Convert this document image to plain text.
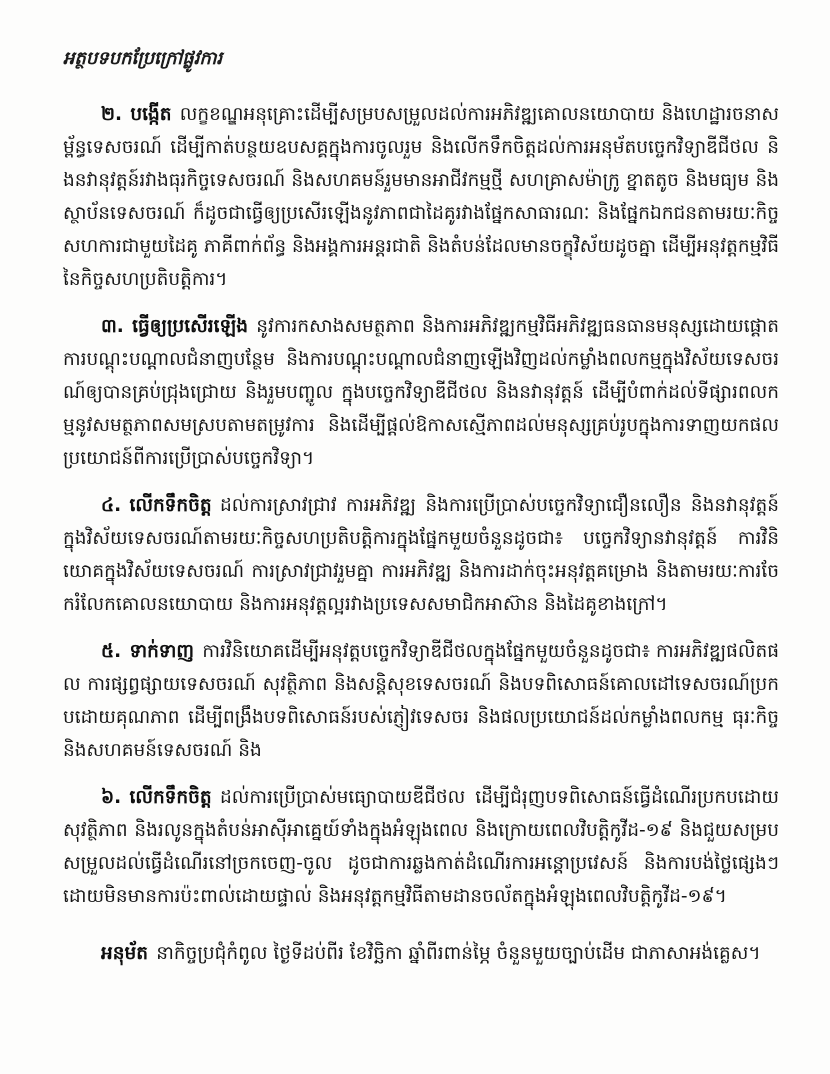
អត្ថបទបកប្រែក្រៅផ្លូវការ

២. បង្កើត លក្ខខណ្ឌអនុគ្រោះដើម្បីសម្របសម្រួលដល់ការអភិវឌ្ឍគោលនយោបាយ និងហេដ្ឋារចនាសម្ព័ន្ធទេសចរណ៍ ដើម្បីកាត់បន្ថយឧបសគ្គក្នុងការចូលរួម និងលើកទឹកចិត្តដល់ការអនុម័តបច្ចេកវិទ្យាឌីជីថល និងនវានុវត្តន៍រវាងធុរកិច្ចទេសចរណ៍ និងសហគមន៍រួមមានអាជីវកម្មថ្មី សហគ្រាសម៉ាក្រូ ខ្នាតតូច និងមធ្យម និងស្ថាប័នទេសចរណ៍ ក៏ដូចជាធ្វើឲ្យប្រសើរឡើងនូវភាពជាដៃគូរវាងផ្នែកសាធារណៈ និងផ្នែកឯកជនតាមរយៈកិច្ចសហការជាមួយដៃគូ ភាគីពាក់ព័ន្ធ និងអង្គការអន្តរជាតិ និងតំបន់ដែលមានចក្ខុវិស័យដូចគ្នា ដើម្បីអនុវត្តកម្មវិធីនៃកិច្ចសហប្រតិបត្តិការ។

៣. ធ្វើឲ្យប្រសើរឡើង នូវការកសាងសមត្ថភាព និងការអភិវឌ្ឍកម្មវិធីអភិវឌ្ឍធនធានមនុស្សដោយផ្តោតការបណ្តុះបណ្តាលជំនាញបន្ថែម និងការបណ្តុះបណ្តាលជំនាញឡើងវិញដល់កម្លាំងពលកម្មក្នុងវិស័យទេសចរណ៍ឲ្យបានគ្រប់ជ្រុងជ្រោយ និងរួមបញ្ចូល ក្នុងបច្ចេកវិទ្យាឌីជីថល និងនវានុវត្តន៍ ដើម្បីបំពាក់ដល់ទីផ្សារពលកម្មនូវសមត្ថភាពសមស្របតាមតម្រូវការ និងដើម្បីផ្តល់ឱកាសស្មើភាពដល់មនុស្សគ្រប់រូបក្នុងការទាញយកផលប្រយោជន៍ពីការប្រើប្រាស់បច្ចេកវិទ្យា។

៤. លើកទឹកចិត្ត ដល់ការស្រាវជ្រាវ ការអភិវឌ្ឍ និងការប្រើប្រាស់បច្ចេកវិទ្យាជឿនលឿន និងនវានុវត្តន៍ក្នុងវិស័យទេសចរណ៍តាមរយៈកិច្ចសហប្រតិបត្តិការក្នុងផ្នែកមួយចំនួនដូចជា៖ បច្ចេកវិទ្យានវានុវត្តន៍ ការវិនិយោគក្នុងវិស័យទេសចរណ៍ ការស្រាវជ្រាវរួមគ្នា ការអភិវឌ្ឍ និងការដាក់ចុះអនុវត្តគម្រោង និងតាមរយៈការចែករំលែកគោលនយោបាយ និងការអនុវត្តល្អរវាងប្រទេសសមាជិកអាស៊ាន និងដៃគូខាងក្រៅ។

៥. ទាក់ទាញ ការវិនិយោគដើម្បីអនុវត្តបច្ចេកវិទ្យាឌីជីថលក្នុងផ្នែកមួយចំនួនដូចជា៖ ការអភិវឌ្ឍផលិតផល ការផ្សព្វផ្សាយទេសចរណ៍ សុវត្ថិភាព និងសន្តិសុខទេសចរណ៍ និងបទពិសោធន៍គោលដៅទេសចរណ៍ប្រកបដោយគុណភាព ដើម្បីពង្រឹងបទពិសោធន៍របស់ភ្ញៀវទេសចរ និងផលប្រយោជន៍ដល់កម្លាំងពលកម្ម ធុរៈកិច្ច និងសហគមន៍ទេសចរណ៍ និង

៦. លើកទឹកចិត្ត ដល់ការប្រើប្រាស់មធ្យោបាយឌីជីថល ដើម្បីជំរុញបទពិសោធន៍ធ្វើដំណើរប្រកបដោយសុវត្ថិភាព និងរលូនក្នុងតំបន់អាស៊ីអាគ្នេយ៍ទាំងក្នុងអំឡុងពេល និងក្រោយពេលវិបត្តិកូវីដ-១៩ និងជួយសម្របសម្រួលដល់ធ្វើដំណើរនៅច្រកចេញ-ចូល ដូចជាការឆ្លងកាត់ដំណើរការអន្តោប្រវេសន៍ និងការបង់ថ្លៃផ្សេងៗ ដោយមិនមានការប៉ះពាល់ដោយផ្ទាល់ និងអនុវត្តកម្មវិធីតាមដានចល័តក្នុងអំឡុងពេលវិបត្តិកូវីដ-១៩។

អនុម័ត នាកិច្ចប្រជុំកំពូល ថ្ងៃទីដប់ពីរ ខែវិច្ឆិកា ឆ្នាំពីរពាន់ម្ភៃ ចំនួនមួយច្បាប់ដើម ជាភាសាអង់គ្លេស។
